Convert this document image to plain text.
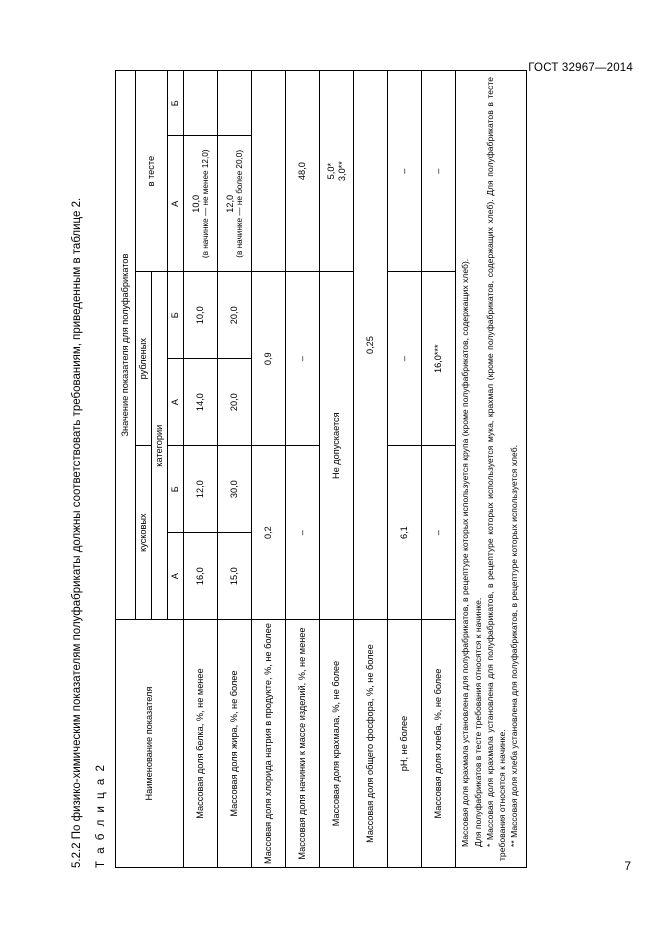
ГОСТ 32967—2014
7
5.2.2 По физико-химическим показателям полуфабрикаты должны соответствовать требованиям, приведенным в таблице 2. Т а б л и ц а 2
Наименование показателя	Значение показателя для полуфабрикатов					
	кусковых		рубленых		в тесте	
	категории					
	А	Б	А	Б	А	Б
Массовая доля белка, %, не менее	16,0	12,0	14,0	10,0	10,0 (в начинке — не менее 12,0)	

Массовая доля жира, %, не более	15,0	30,0	20,0	20,0	12,0 (в начинке — не более 20,0)	

Массовая доля хлорида натрия в продукте, %, не более	0,2		0,9			
Массовая доля начинки к массе изделий, %, не менее	–		–		48,0	
Массовая доля крахмала, %, не более	Не допускается				5,0* 3,0**	

Массовая доля общего фосфора, %, не более	0,25					
рН, не более	6,1		–		–	
Массовая доля хлеба, %, не более	–		16,0***		–	

Массовая доля крахмала установлена для полуфабрикатов, в рецептуре которых используется крупа (кроме полуфабрикатов, содержащих хлеб). Для полуфабрикатов в тесте требования относятся к начинке. * Массовая доля крахмала установлена для полуфабрикатов, в рецептуре которых используется мука, крахмал (кроме полуфабрикатов, содержащих хлеб). Для полуфабрикатов в тесте требования относятся к начинке. ** Массовая доля хлеба установлена для полуфабрикатов, в рецептуре которых используется хлеб.						
